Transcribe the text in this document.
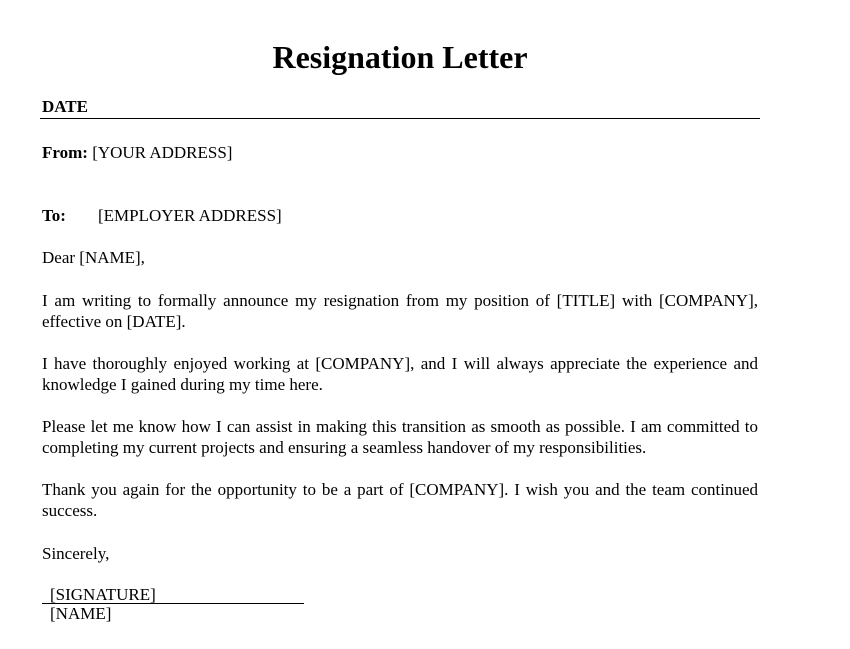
Resignation Letter
DATE
From: [YOUR ADDRESS]
To: [EMPLOYER ADDRESS]
Dear [NAME],

I am writing to formally announce my resignation from my position of [TITLE] with [COMPANY], effective on [DATE].

I have thoroughly enjoyed working at [COMPANY], and I will always appreciate the experience and knowledge I gained during my time here.

Please let me know how I can assist in making this transition as smooth as possible. I am committed to completing my current projects and ensuring a seamless handover of my responsibilities.

Thank you again for the opportunity to be a part of [COMPANY]. I wish you and the team continued success.

Sincerely,
[SIGNATURE]
[NAME]
